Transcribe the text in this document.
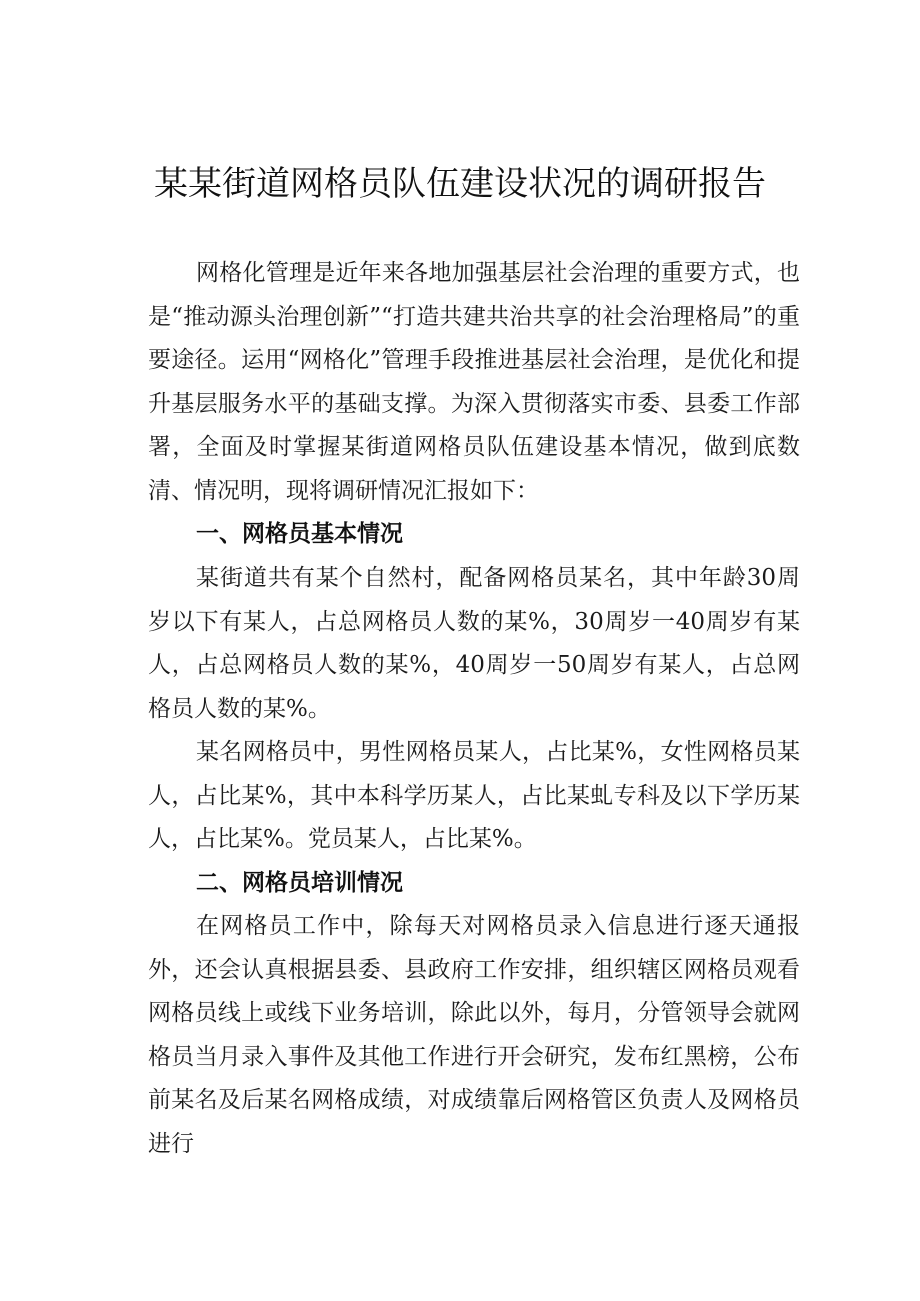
某某街道网格员队伍建设状况的调研报告

网格化管理是近年来各地加强基层社会治理的重要方式，也是“推动源头治理创新”“打造共建共治共享的社会治理格局”的重要途径。运用“网格化”管理手段推进基层社会治理，是优化和提升基层服务水平的基础支撑。为深入贯彻落实市委、县委工作部署，全面及时掌握某街道网格员队伍建设基本情况，做到底数清、情况明，现将调研情况汇报如下：

一、网格员基本情况

某街道共有某个自然村，配备网格员某名，其中年龄30周岁以下有某人，占总网格员人数的某%，30周岁一40周岁有某人，占总网格员人数的某%，40周岁一50周岁有某人，占总网格员人数的某%。

某名网格员中，男性网格员某人，占比某%，女性网格员某人，占比某%，其中本科学历某人，占比某虬专科及以下学历某人，占比某%。党员某人，占比某%。

二、网格员培训情况

在网格员工作中，除每天对网格员录入信息进行逐天通报外，还会认真根据县委、县政府工作安排，组织辖区网格员观看网格员线上或线下业务培训，除此以外，每月，分管领导会就网格员当月录入事件及其他工作进行开会研究，发布红黑榜，公布前某名及后某名网格成绩，对成绩靠后网格管区负责人及网格员进行
